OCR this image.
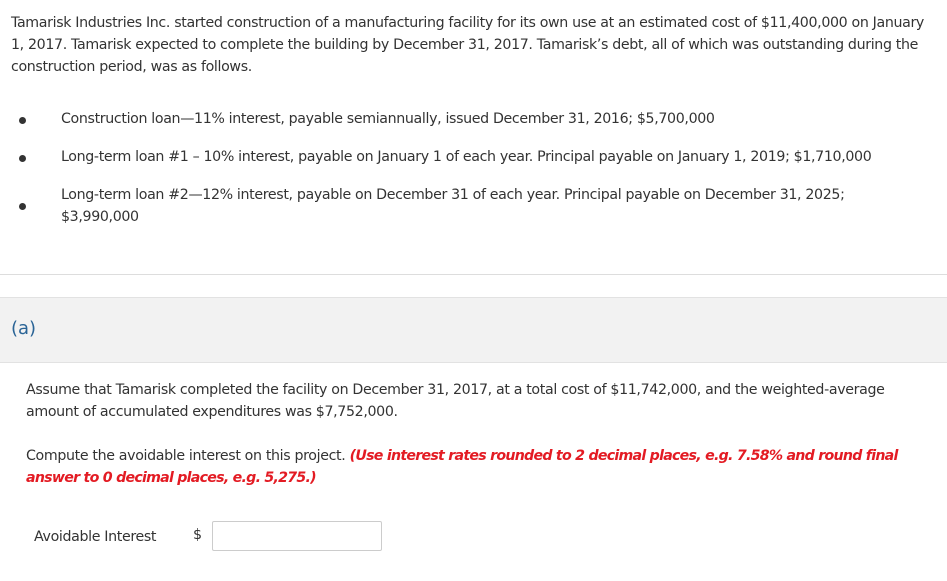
Tamarisk Industries Inc. started construction of a manufacturing facility for its own use at an estimated cost of $11,400,000 on January 1, 2017. Tamarisk expected to complete the building by December 31, 2017. Tamarisk’s debt, all of which was outstanding during the construction period, was as follows.
Construction loan—11% interest, payable semiannually, issued December 31, 2016; $5,700,000
Long-term loan #1 – 10% interest, payable on January 1 of each year. Principal payable on January 1, 2019; $1,710,000
Long-term loan #2—12% interest, payable on December 31 of each year. Principal payable on December 31, 2025; $3,990,000
(a)
Assume that Tamarisk completed the facility on December 31, 2017, at a total cost of $11,742,000, and the weighted-average amount of accumulated expenditures was $7,752,000.
Compute the avoidable interest on this project. (Use interest rates rounded to 2 decimal places, e.g. 7.58% and round final answer to 0 decimal places, e.g. 5,275.)
Avoidable Interest	$
